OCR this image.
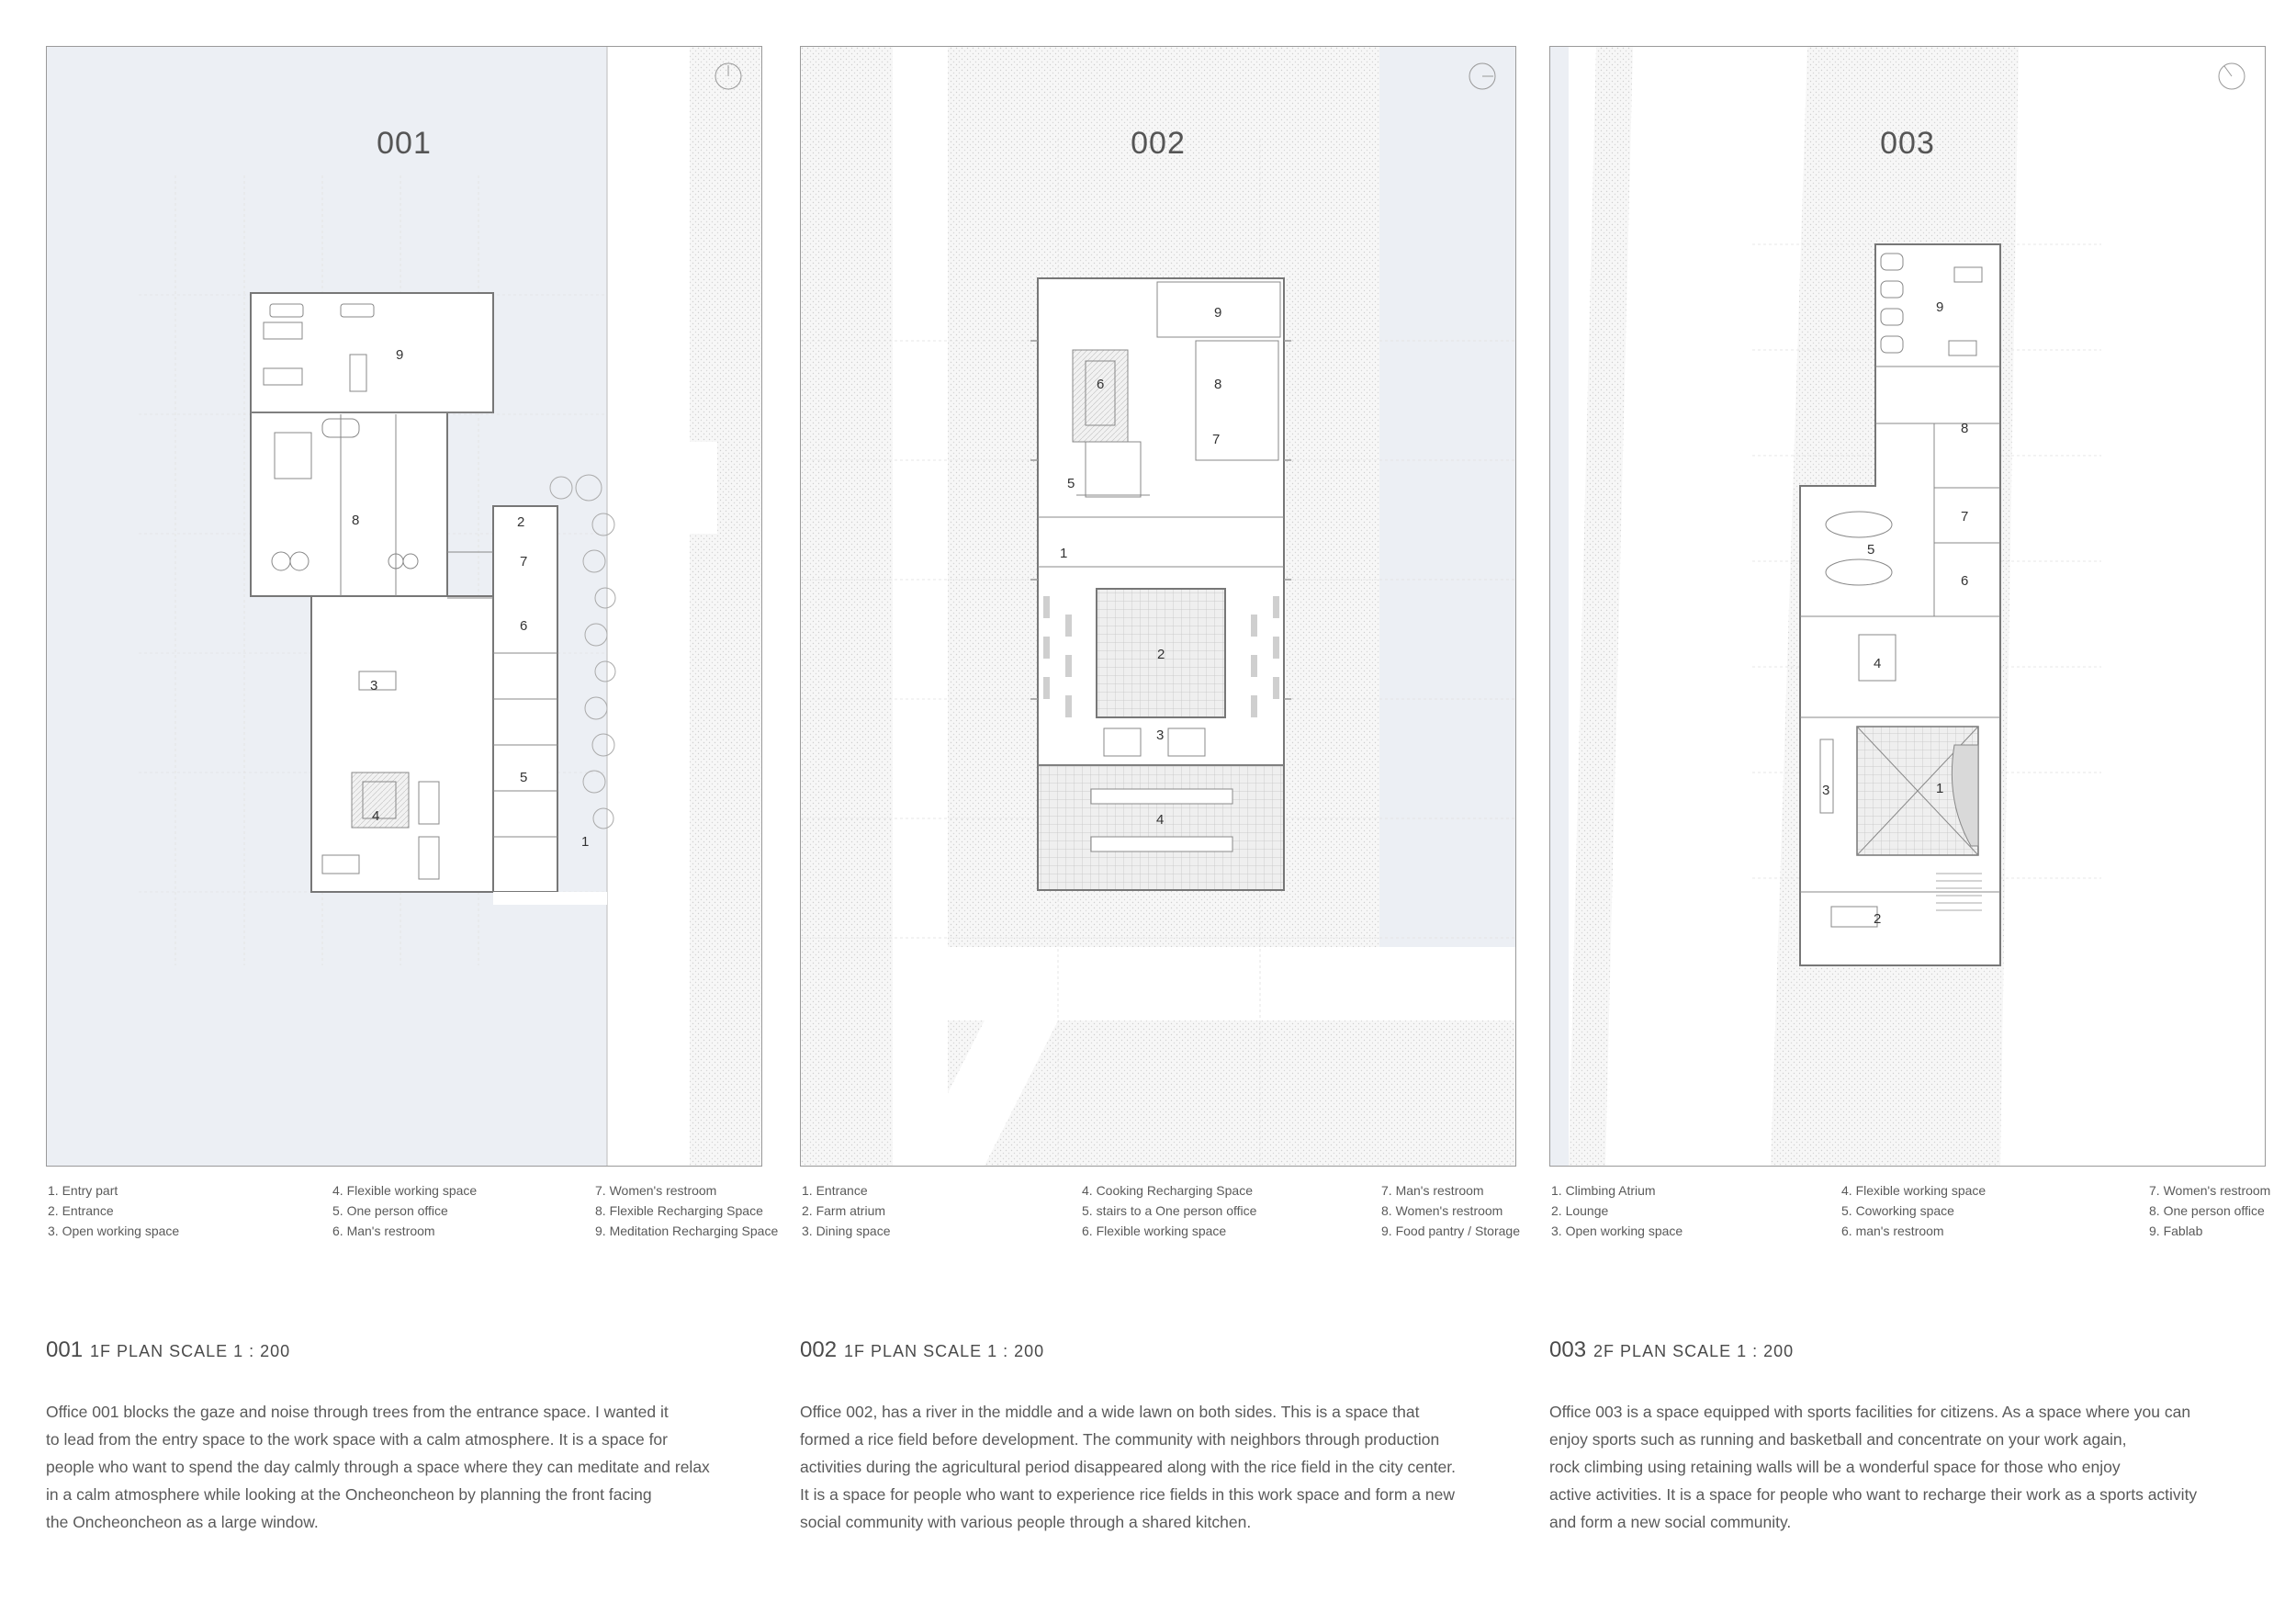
1
2
3
4
5
6
7
8
9
001
1
2
3
4
5
6
7
8
9
002
1
2
3
4
5
6
7
8
9
003
1. Entry part
2. Entrance
3. Open working space
4. Flexible working space
5. One person office
6. Man's restroom
7. Women's restroom
8. Flexible Recharging Space
9. Meditation Recharging Space
1. Entrance
2. Farm atrium
3. Dining space
4. Cooking Recharging Space
5. stairs to a One person office
6. Flexible working space
7. Man's restroom
8. Women's restroom
9. Food pantry / Storage
1. Climbing Atrium
2. Lounge
3. Open working space
4. Flexible working space
5. Coworking space
6. man's restroom
7. Women's restroom
8. One person office
9. Fablab
001 1F PLAN SCALE 1 : 200	002 1F PLAN SCALE 1 : 200	003 2F PLAN SCALE 1 : 200

Office 001 blocks the gaze and noise through trees from the entrance space. I wanted it

to lead from the entry space to the work space with a calm atmosphere. It is a space for

people who want to spend the day calmly through a space where they can meditate and relax

in a calm atmosphere while looking at the Oncheoncheon by planning the front facing

the Oncheoncheon as a large window.

Office 002, has a river in the middle and a wide lawn on both sides. This is a space that

formed a rice field before development. The community with neighbors through production

activities during the agricultural period disappeared along with the rice field in the city center.

It is a space for people who want to experience rice fields in this work space and form a new

social community with various people through a shared kitchen.

Office 003 is a space equipped with sports facilities for citizens. As a space where you can

enjoy sports such as running and basketball and concentrate on your work again,

rock climbing using retaining walls will be a wonderful space for those who enjoy

active activities. It is a space for people who want to recharge their work as a sports activity

and form a new social community.
